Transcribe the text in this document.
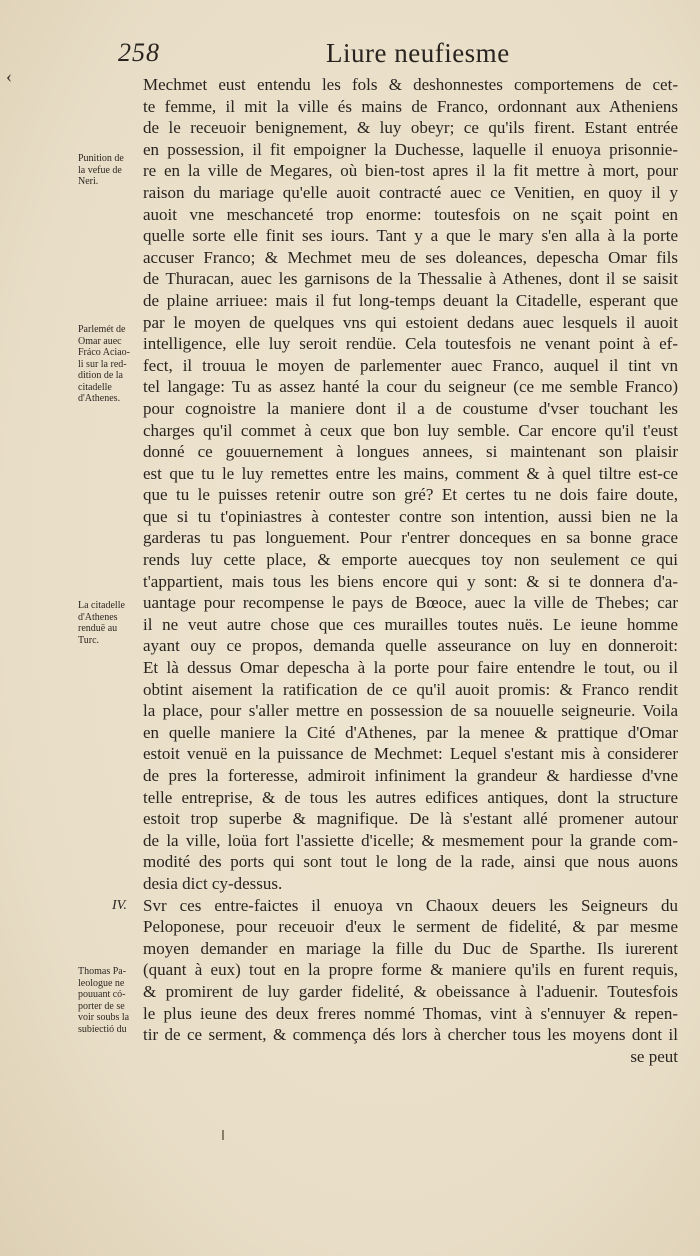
‹
258	Liure neufiesme
Punition de
la vefue de
Neri.
Parlemét de
Omar auec
Fráco Aciao-
li sur la red-
dition de la
citadelle
d'Athenes.
La citadelle
d'Athenes
renduë au
Turc.
Thomas Pa-
leologue ne
pouuant có-
porter de se
voir soubs la
subiectió du
IV.
Mechmet eust entendu les fols & deshonnestes comportemens de cet-
te femme, il mit la ville és mains de Franco, ordonnant aux Atheniens
de le receuoir benignement, & luy obeyr; ce qu'ils firent. Estant entrée
en possession, il fit empoigner la Duchesse, laquelle il enuoya prisonnie-
re en la ville de Megares, où bien-tost apres il la fit mettre à mort, pour
raison du mariage qu'elle auoit contracté auec ce Venitien, en quoy il y
auoit vne meschanceté trop enorme: toutesfois on ne sçait point en
quelle sorte elle finit ses iours. Tant y a que le mary s'en alla à la porte
accuser Franco; & Mechmet meu de ses doleances, depescha Omar fils
de Thuracan, auec les garnisons de la Thessalie à Athenes, dont il se saisit
de plaine arriuee: mais il fut long-temps deuant la Citadelle, esperant que
par le moyen de quelques vns qui estoient dedans auec lesquels il auoit
intelligence, elle luy seroit rendüe. Cela toutesfois ne venant point à ef-
fect, il trouua le moyen de parlementer auec Franco, auquel il tint vn
tel langage: Tu as assez hanté la cour du seigneur (ce me semble Franco)
pour cognoistre la maniere dont il a de coustume d'vser touchant les
charges qu'il commet à ceux que bon luy semble. Car encore qu'il t'eust
donné ce gouuernement à longues annees, si maintenant son plaisir
est que tu le luy remettes entre les mains, comment & à quel tiltre est-ce
que tu le puisses retenir outre son gré? Et certes tu ne dois faire doute,
que si tu t'opiniastres à contester contre son intention, aussi bien ne la
garderas tu pas longuement. Pour r'entrer donceques en sa bonne grace
rends luy cette place, & emporte auecques toy non seulement ce qui
t'appartient, mais tous les biens encore qui y sont: & si te donnera d'a-
uantage pour recompense le pays de Bœoce, auec la ville de Thebes; car
il ne veut autre chose que ces murailles toutes nuës. Le ieune homme
ayant ouy ce propos, demanda quelle asseurance on luy en donneroit:
Et là dessus Omar depescha à la porte pour faire entendre le tout, ou il
obtint aisement la ratification de ce qu'il auoit promis: & Franco rendit
la place, pour s'aller mettre en possession de sa nouuelle seigneurie. Voila
en quelle maniere la Cité d'Athenes, par la menee & prattique d'Omar
estoit venuë en la puissance de Mechmet: Lequel s'estant mis à considerer
de pres la forteresse, admiroit infiniment la grandeur & hardiesse d'vne
telle entreprise, & de tous les autres edifices antiques, dont la structure
estoit trop superbe & magnifique. De là s'estant allé promener autour
de la ville, loüa fort l'assiette d'icelle; & mesmement pour la grande com-
modité des ports qui sont tout le long de la rade, ainsi que nous auons
desia dict cy-dessus.
Svr ces entre-faictes il enuoya vn Chaoux deuers les Seigneurs du
Peloponese, pour receuoir d'eux le serment de fidelité, & par mesme
moyen demander en mariage la fille du Duc de Sparthe. Ils iurerent
(quant à eux) tout en la propre forme & maniere qu'ils en furent requis,
& promirent de luy garder fidelité, & obeissance à l'aduenir. Toutesfois
le plus ieune des deux freres nommé Thomas, vint à s'ennuyer & repen-
tir de ce serment, & commença dés lors à chercher tous les moyens dont il
se peut
